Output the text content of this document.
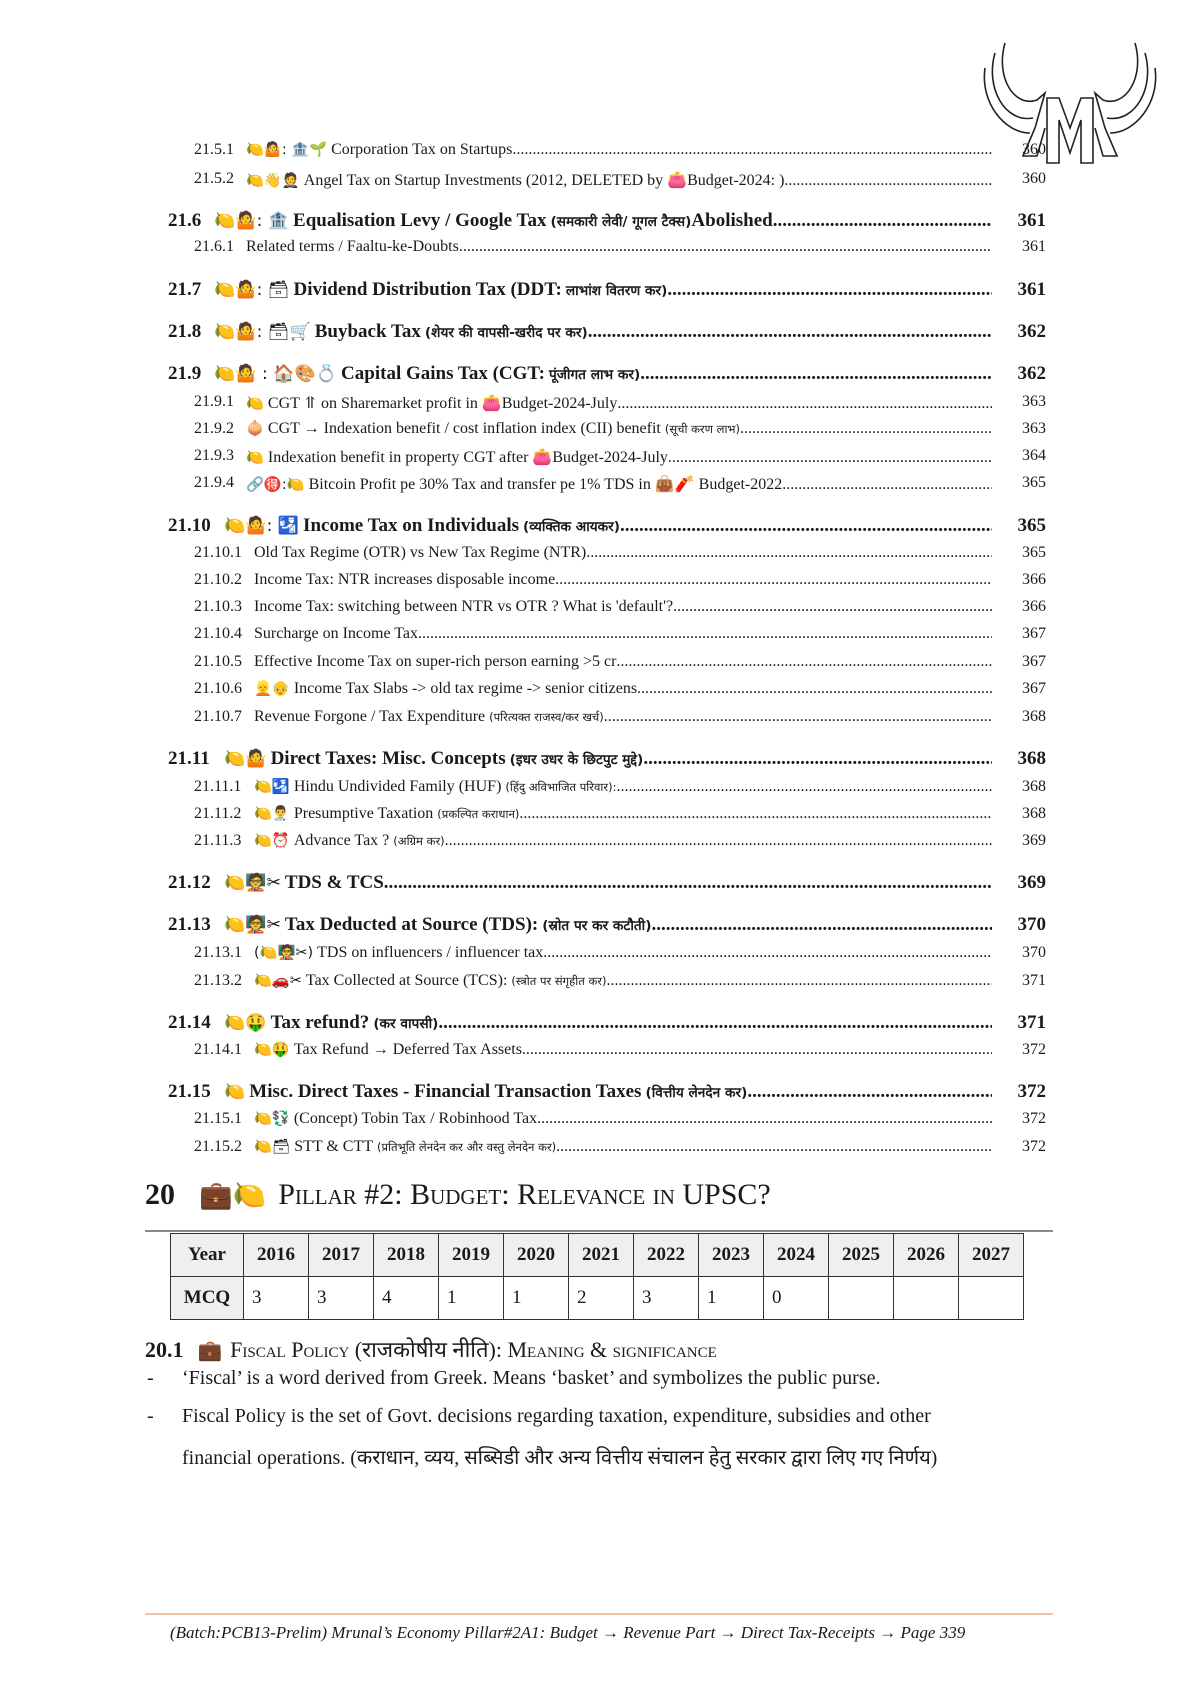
21.5.1 🍋🤷: 🏦🌱 Corporation Tax on Startups .....	360
21.5.2 🍋👋🤵 Angel Tax on Startup Investments (2012, DELETED by 👛Budget-2024: ) .....	360
21.6 🍋🤷: 🏦 Equalisation Levy / Google Tax (समकारी लेवी/ गूगल टैक्स) Abolished .....	361
21.6.1 Related terms / Faaltu-ke-Doubts .....	361
21.7 🍋🤷: 🗃 Dividend Distribution Tax (DDT: लाभांश वितरण कर) .....	361
21.8 🍋🤷: 🗃🛒 Buyback Tax (शेयर की वापसी-खरीद पर कर) .....	362
21.9 🍋🤷 : 🏠🎨💍 Capital Gains Tax (CGT: पूंजीगत लाभ कर) .....	362
21.9.1 🍋 CGT ⥣ on Sharemarket profit in 👛Budget-2024-July .....	363
21.9.2 🧅 CGT → Indexation benefit / cost inflation index (CII) benefit (सूची करण लाभ) .....	363
21.9.3 🍋 Indexation benefit in property CGT after 👛Budget-2024-July .....	364
21.9.4 🔗🉐:🍋 Bitcoin Profit pe 30% Tax and transfer pe 1% TDS in 👜🧨 Budget-2022 .....	365
21.10 🍋🤷: 🛂 Income Tax on Individuals (व्यक्तिक आयकर) .....	365
21.10.1 Old Tax Regime (OTR) vs New Tax Regime (NTR) .....	365
21.10.2 Income Tax: NTR increases disposable income .....	366
21.10.3 Income Tax: switching between NTR vs OTR ? What is 'default'? .....	366
21.10.4 Surcharge on Income Tax .....	367
21.10.5 Effective Income Tax on super-rich person earning >5 cr .....	367
21.10.6 👱👴 Income Tax Slabs -> old tax regime -> senior citizens .....	367
21.10.7 Revenue Forgone / Tax Expenditure (परित्यक्त राजस्व/कर खर्च) .....	368
21.11 🍋🤷 Direct Taxes: Misc. Concepts (इधर उधर के छिटपुट मुद्दे) .....	368
21.11.1 🍋🛂 Hindu Undivided Family (HUF) (हिंदु अविभाजित परिवार): .....	368
21.11.2 🍋👨‍⚕️ Presumptive Taxation (प्रकल्पित कराधान) .....	368
21.11.3 🍋⏰ Advance Tax ? (अग्रिम कर) .....	369
21.12 🍋🧑‍🏫✂ TDS & TCS .....	369
21.13 🍋🧑‍🏫✂ Tax Deducted at Source (TDS): (स्रोत पर कर कटौती) .....	370
21.13.1 (🍋🧑‍🏫✂) TDS on influencers / influencer tax .....	370
21.13.2 🍋🚗✂ Tax Collected at Source (TCS): (स्त्रोत पर संगृहीत कर) .....	371
21.14 🍋🤑 Tax refund? (कर वापसी) .....	371
21.14.1 🍋🤑 Tax Refund → Deferred Tax Assets .....	372
21.15 🍋 Misc. Direct Taxes - Financial Transaction Taxes (वित्तीय लेनदेन कर) .....	372
21.15.1 🍋💱 (Concept) Tobin Tax / Robinhood Tax .....	372
21.15.2 🍋🗃 STT & CTT (प्रतिभूति लेनदेन कर और वस्तु लेनदेन कर) .....	372
20 💼🍋 Pillar #2: Budget: Relevance in UPSC?
Year	2016	2017	2018	2019	2020	2021	2022	2023	2024	2025	2026	2027
MCQ	3	3	4	1	1	2	3	1	0			
20.1 💼 Fiscal Policy (राजकोषीय नीति): Meaning & significance
- ‘Fiscal’ is a word derived from Greek. Means ‘basket’ and symbolizes the public purse.
- Fiscal Policy is the set of Govt. decisions regarding taxation, expenditure, subsidies and other
financial operations. (कराधान, व्यय, सब्सिडी और अन्य वित्तीय संचालन हेतु सरकार द्वारा लिए गए निर्णय)
(Batch:PCB13-Prelim) Mrunal’s Economy Pillar#2A1: Budget → Revenue Part → Direct Tax-Receipts → Page 339
